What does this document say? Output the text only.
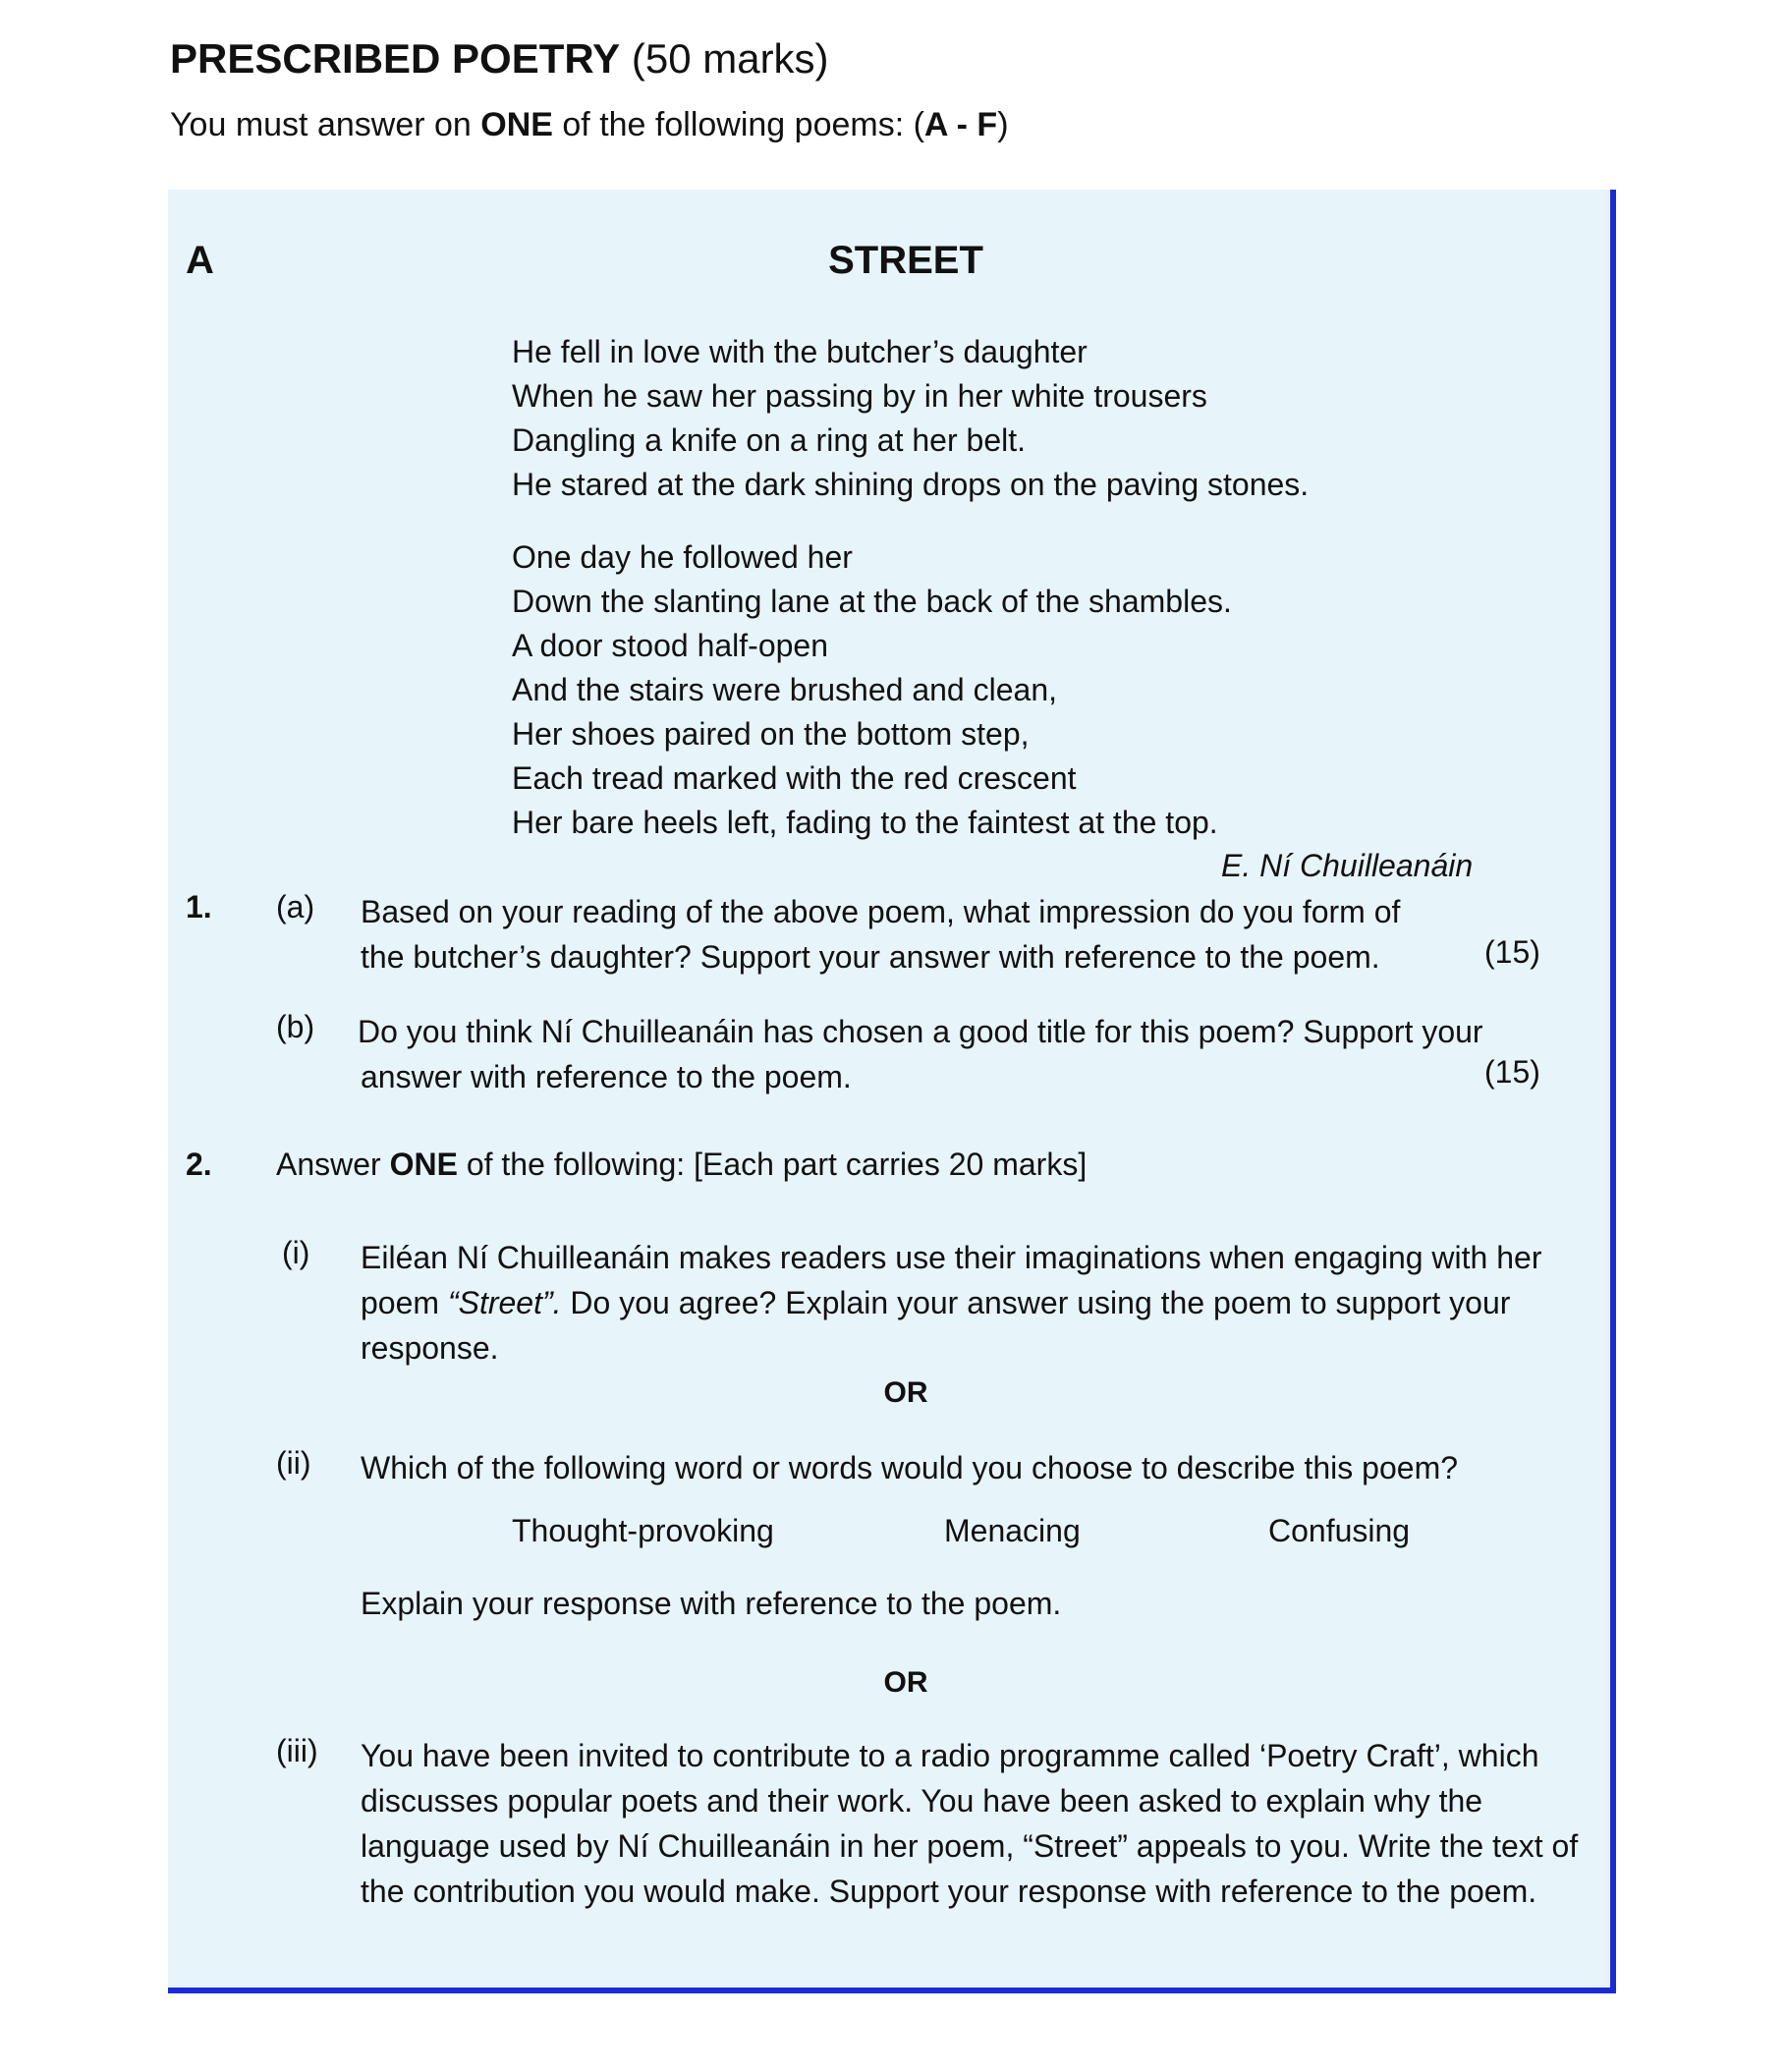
PRESCRIBED POETRY (50 marks)
You must answer on ONE of the following poems: (A - F)
A	STREET
He fell in love with the butcher’s daughter
When he saw her passing by in her white trousers
Dangling a knife on a ring at her belt.
He stared at the dark shining drops on the paving stones.
One day he followed her
Down the slanting lane at the back of the shambles.
A door stood half-open
And the stairs were brushed and clean,
Her shoes paired on the bottom step,
Each tread marked with the red crescent
Her bare heels left, fading to the faintest at the top.
E. Ní Chuilleanáin
1. (a) Based on your reading of the above poem, what impression do you form of
the butcher’s daughter? Support your answer with reference to the poem.	(15)
(b) Do you think Ní Chuilleanáin has chosen a good title for this poem? Support your
answer with reference to the poem.	(15)
2. Answer ONE of the following: [Each part carries 20 marks]
(i) Eiléan Ní Chuilleanáin makes readers use their imaginations when engaging with her poem “Street”. Do you agree? Explain your answer using the poem to support your response.
OR
(ii) Which of the following word or words would you choose to describe this poem?
Thought-provoking	Menacing	Confusing
Explain your response with reference to the poem.
OR
(iii) You have been invited to contribute to a radio programme called ‘Poetry Craft’, which discusses popular poets and their work. You have been asked to explain why the language used by Ní Chuilleanáin in her poem, “Street” appeals to you. Write the text of the contribution you would make. Support your response with reference to the poem.
